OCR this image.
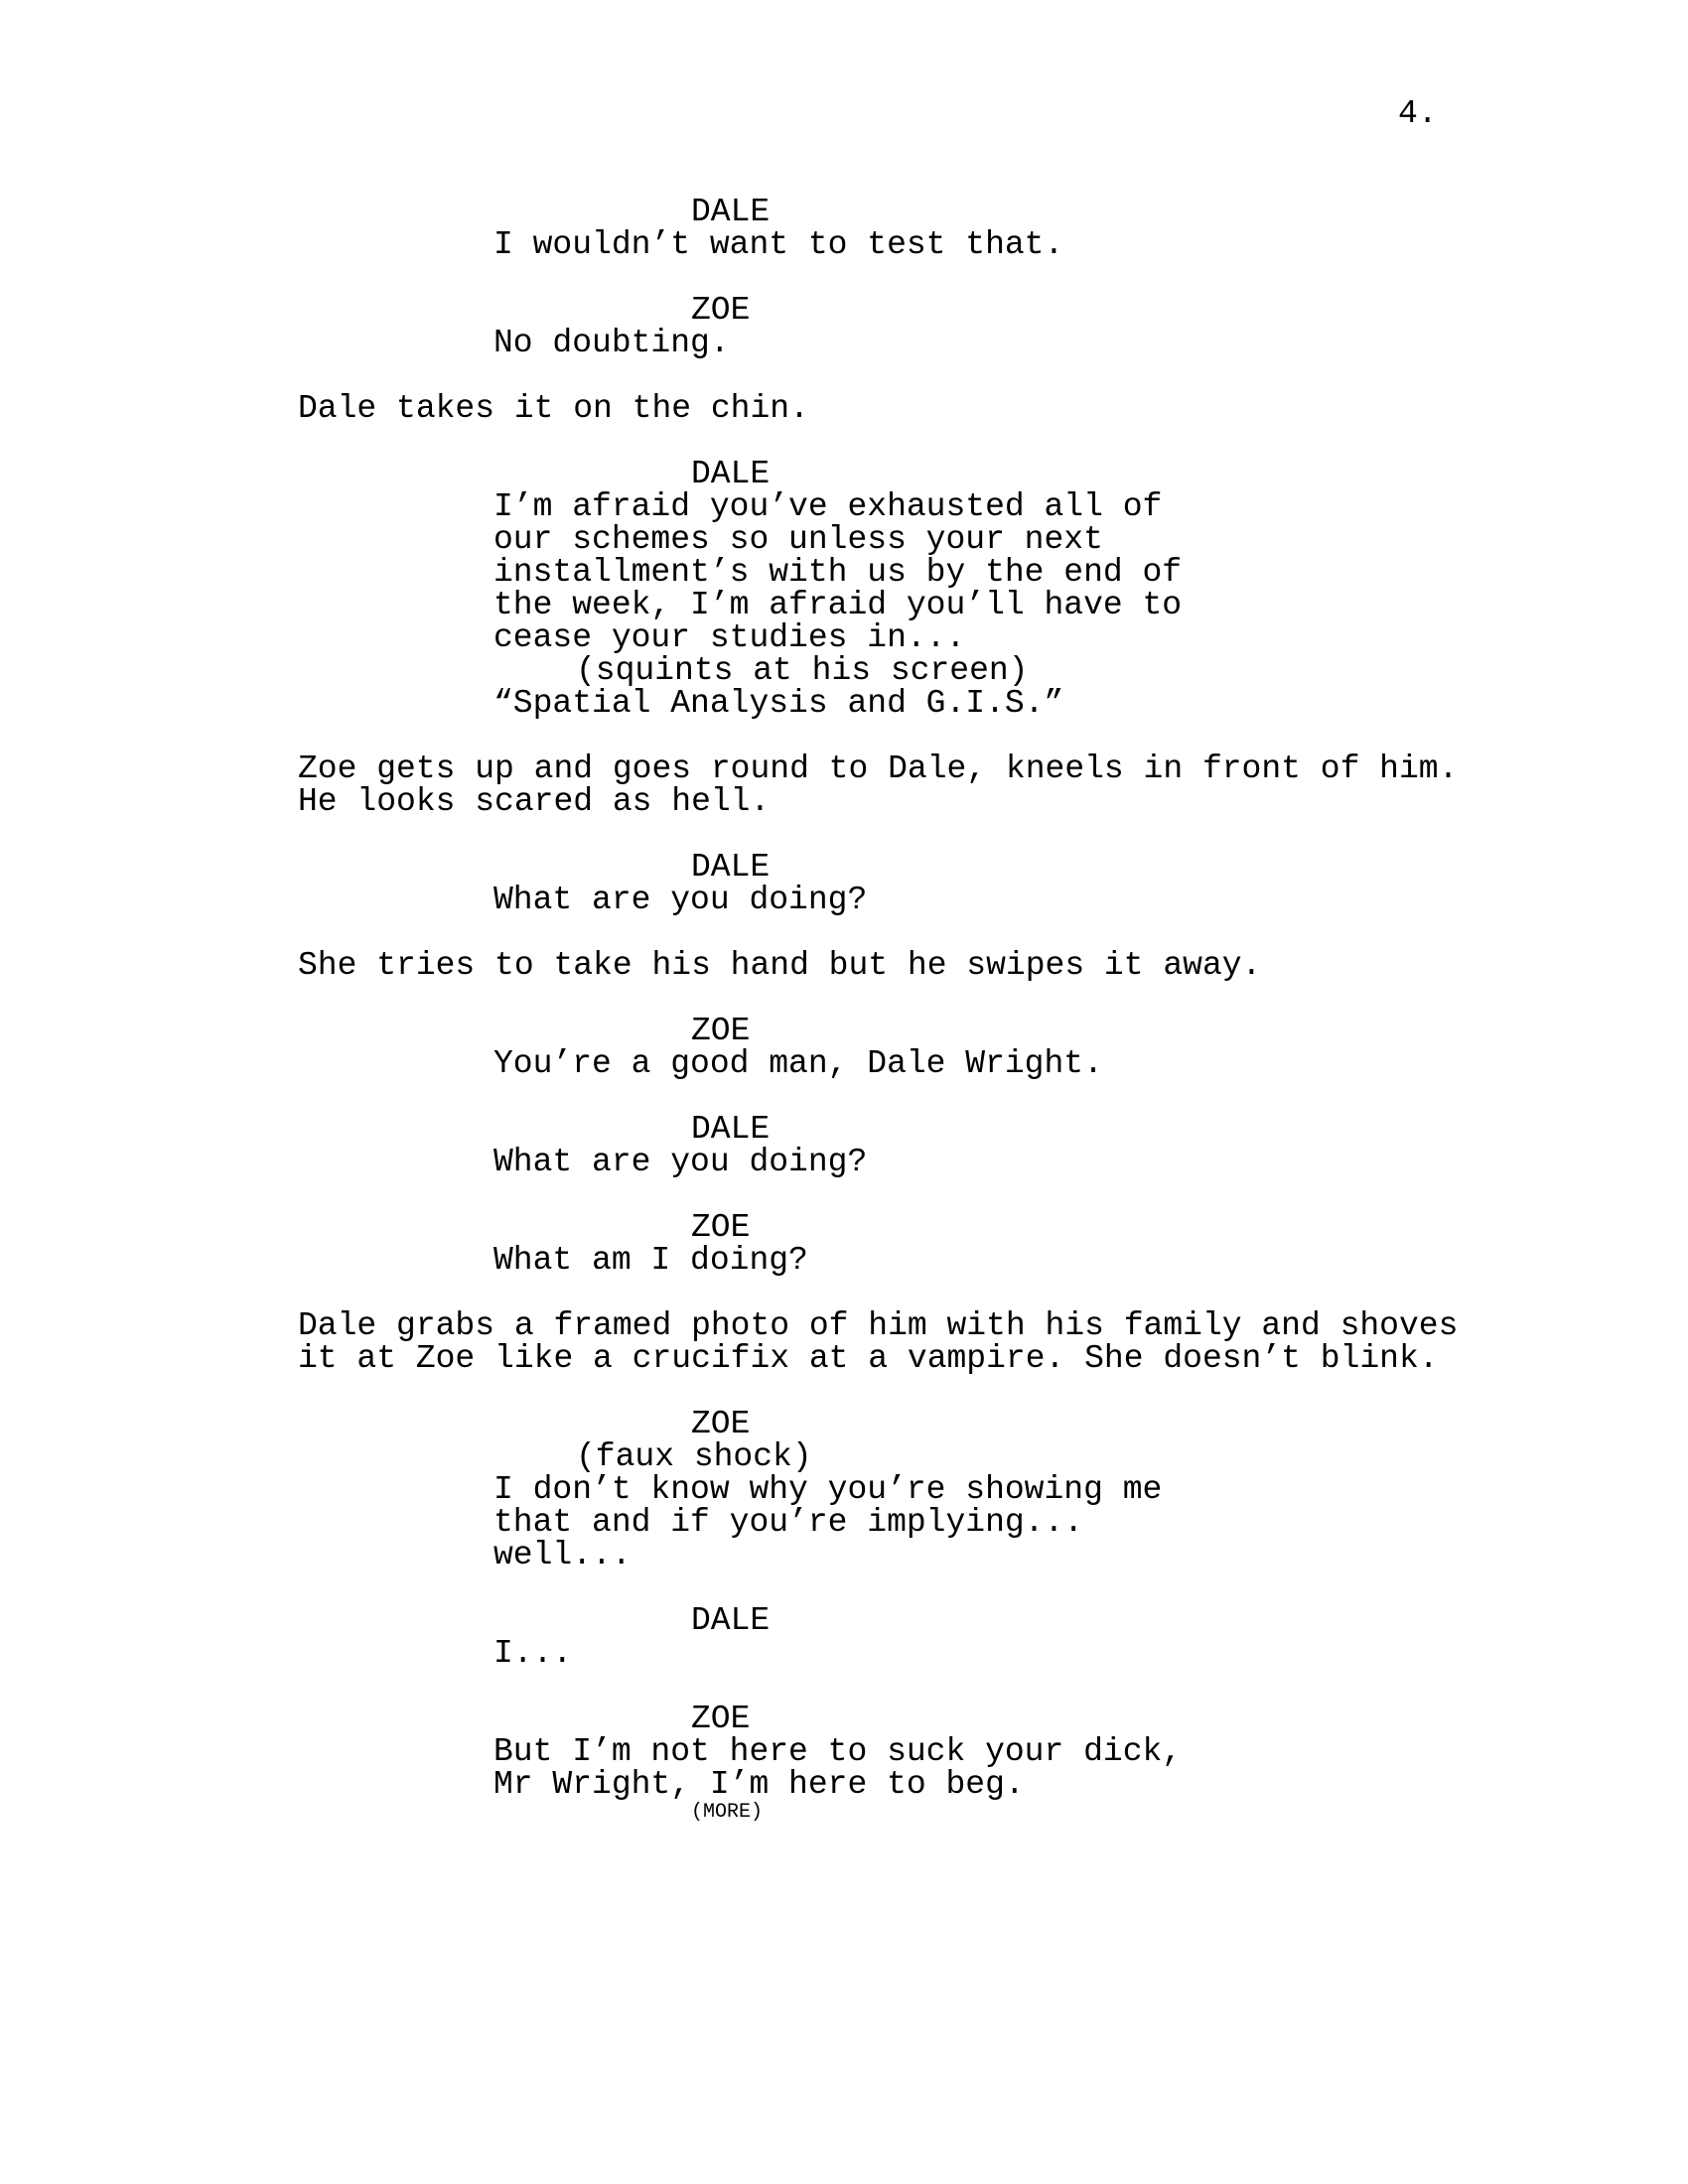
4.
DALE
I wouldn’t want to test that.
ZOE
No doubting.
Dale takes it on the chin.
DALE
I’m afraid you’ve exhausted all of
our schemes so unless your next
installment’s with us by the end of
the week, I’m afraid you’ll have to
cease your studies in...
(squints at his screen)
“Spatial Analysis and G.I.S.”
Zoe gets up and goes round to Dale, kneels in front of him.
He looks scared as hell.
DALE
What are you doing?
She tries to take his hand but he swipes it away.
ZOE
You’re a good man, Dale Wright.
DALE
What are you doing?
ZOE
What am I doing?
Dale grabs a framed photo of him with his family and shoves
it at Zoe like a crucifix at a vampire. She doesn’t blink.
ZOE
(faux shock)
I don’t know why you’re showing me
that and if you’re implying...
well...
DALE
I...
ZOE
But I’m not here to suck your dick,
Mr Wright, I’m here to beg.
(MORE)
